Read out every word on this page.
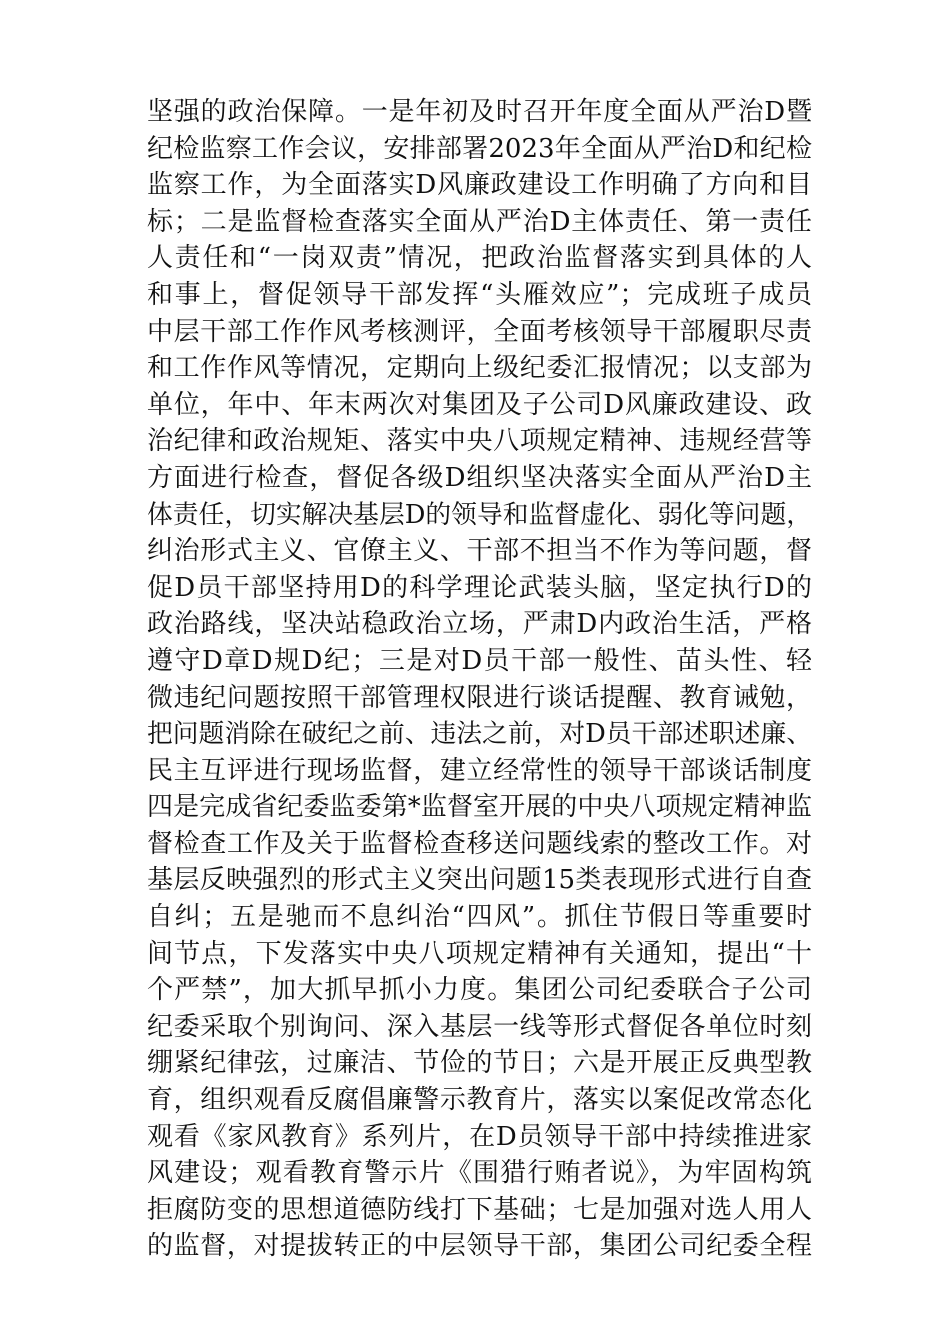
坚强的政治保障。一是年初及时召开年度全面从严治D暨
纪检监察工作会议，安排部署2023年全面从严治D和纪检
监察工作，为全面落实D风廉政建设工作明确了方向和目
标；二是监督检查落实全面从严治D主体责任、第一责任
人责任和“一岗双责”情况，把政治监督落实到具体的人
和事上，督促领导干部发挥“头雁效应”；完成班子成员
中层干部工作作风考核测评，全面考核领导干部履职尽责
和工作作风等情况，定期向上级纪委汇报情况；以支部为
单位，年中、年末两次对集团及子公司D风廉政建设、政
治纪律和政治规矩、落实中央八项规定精神、违规经营等
方面进行检查，督促各级D组织坚决落实全面从严治D主
体责任，切实解决基层D的领导和监督虚化、弱化等问题，
纠治形式主义、官僚主义、干部不担当不作为等问题，督
促D员干部坚持用D的科学理论武装头脑，坚定执行D的
政治路线，坚决站稳政治立场，严肃D内政治生活，严格
遵守D章D规D纪；三是对D员干部一般性、苗头性、轻
微违纪问题按照干部管理权限进行谈话提醒、教育诫勉，
把问题消除在破纪之前、违法之前，对D员干部述职述廉、
民主互评进行现场监督，建立经常性的领导干部谈话制度
四是完成省纪委监委第*监督室开展的中央八项规定精神监
督检查工作及关于监督检查移送问题线索的整改工作。对
基层反映强烈的形式主义突出问题15类表现形式进行自查
自纠；五是驰而不息纠治“四风”。抓住节假日等重要时
间节点，下发落实中央八项规定精神有关通知，提出“十
个严禁”，加大抓早抓小力度。集团公司纪委联合子公司
纪委采取个别询问、深入基层一线等形式督促各单位时刻
绷紧纪律弦，过廉洁、节俭的节日；六是开展正反典型教
育，组织观看反腐倡廉警示教育片，落实以案促改常态化
观看《家风教育》系列片，在D员领导干部中持续推进家
风建设；观看教育警示片《围猎行贿者说》，为牢固构筑
拒腐防变的思想道德防线打下基础；七是加强对选人用人
的监督，对提拔转正的中层领导干部，集团公司纪委全程
